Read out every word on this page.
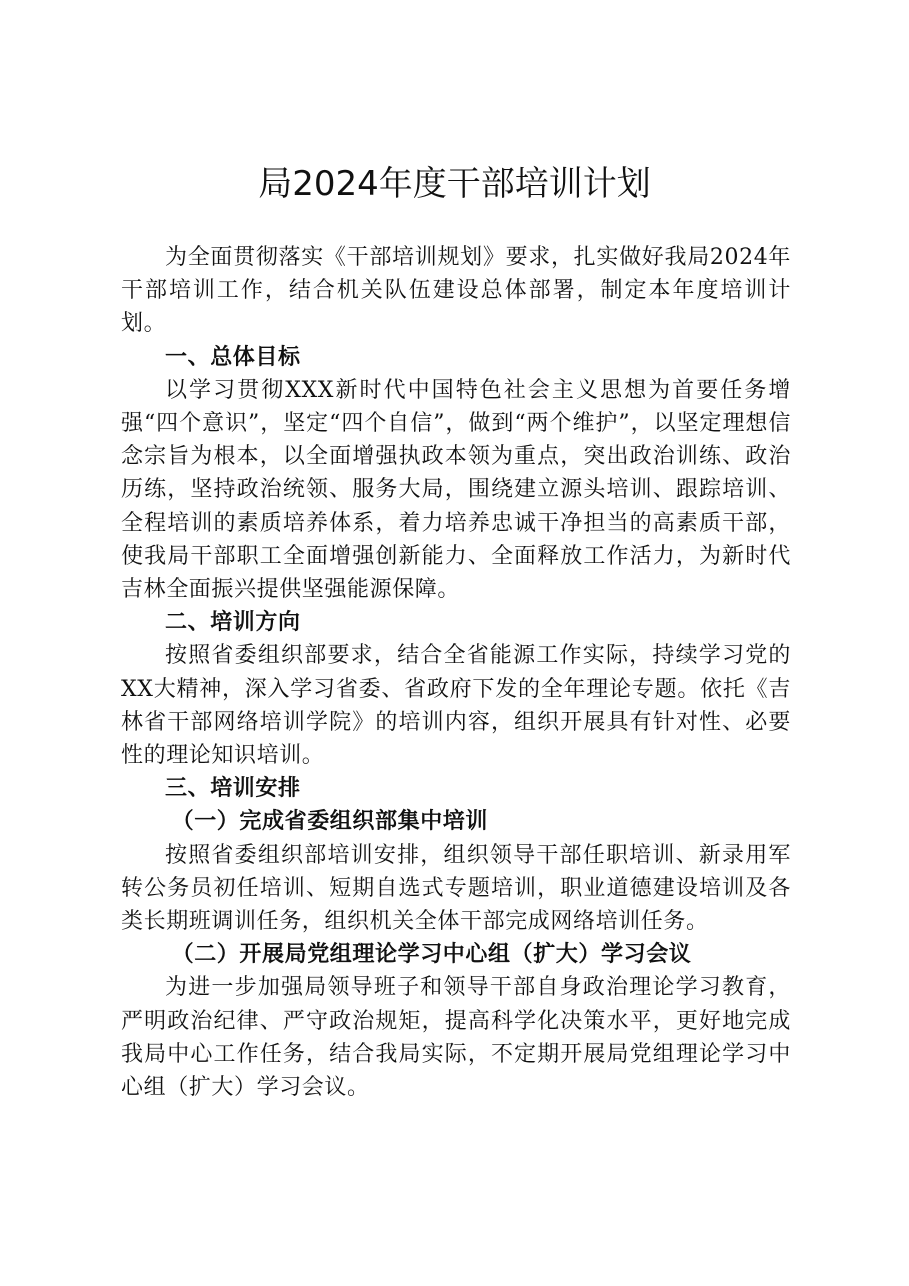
局2024年度干部培训计划

为全面贯彻落实《干部培训规划》要求，扎实做好我局2024年干部培训工作，结合机关队伍建设总体部署，制定本年度培训计划。

一、总体目标

以学习贯彻XXX新时代中国特色社会主义思想为首要任务增强“四个意识”，坚定“四个自信”，做到“两个维护”，以坚定理想信念宗旨为根本，以全面增强执政本领为重点，突出政治训练、政治历练，坚持政治统领、服务大局，围绕建立源头培训、跟踪培训、全程培训的素质培养体系，着力培养忠诚干净担当的高素质干部，使我局干部职工全面增强创新能力、全面释放工作活力，为新时代吉林全面振兴提供坚强能源保障。

二、培训方向

按照省委组织部要求，结合全省能源工作实际，持续学习党的XX大精神，深入学习省委、省政府下发的全年理论专题。依托《吉林省干部网络培训学院》的培训内容，组织开展具有针对性、必要性的理论知识培训。

三、培训安排
（一）完成省委组织部集中培训

按照省委组织部培训安排，组织领导干部任职培训、新录用军转公务员初任培训、短期自选式专题培训，职业道德建设培训及各类长期班调训任务，组织机关全体干部完成网络培训任务。

（二）开展局党组理论学习中心组（扩大）学习会议

为进一步加强局领导班子和领导干部自身政治理论学习教育，严明政治纪律、严守政治规矩，提高科学化决策水平，更好地完成我局中心工作任务，结合我局实际，不定期开展局党组理论学习中心组（扩大）学习会议。
